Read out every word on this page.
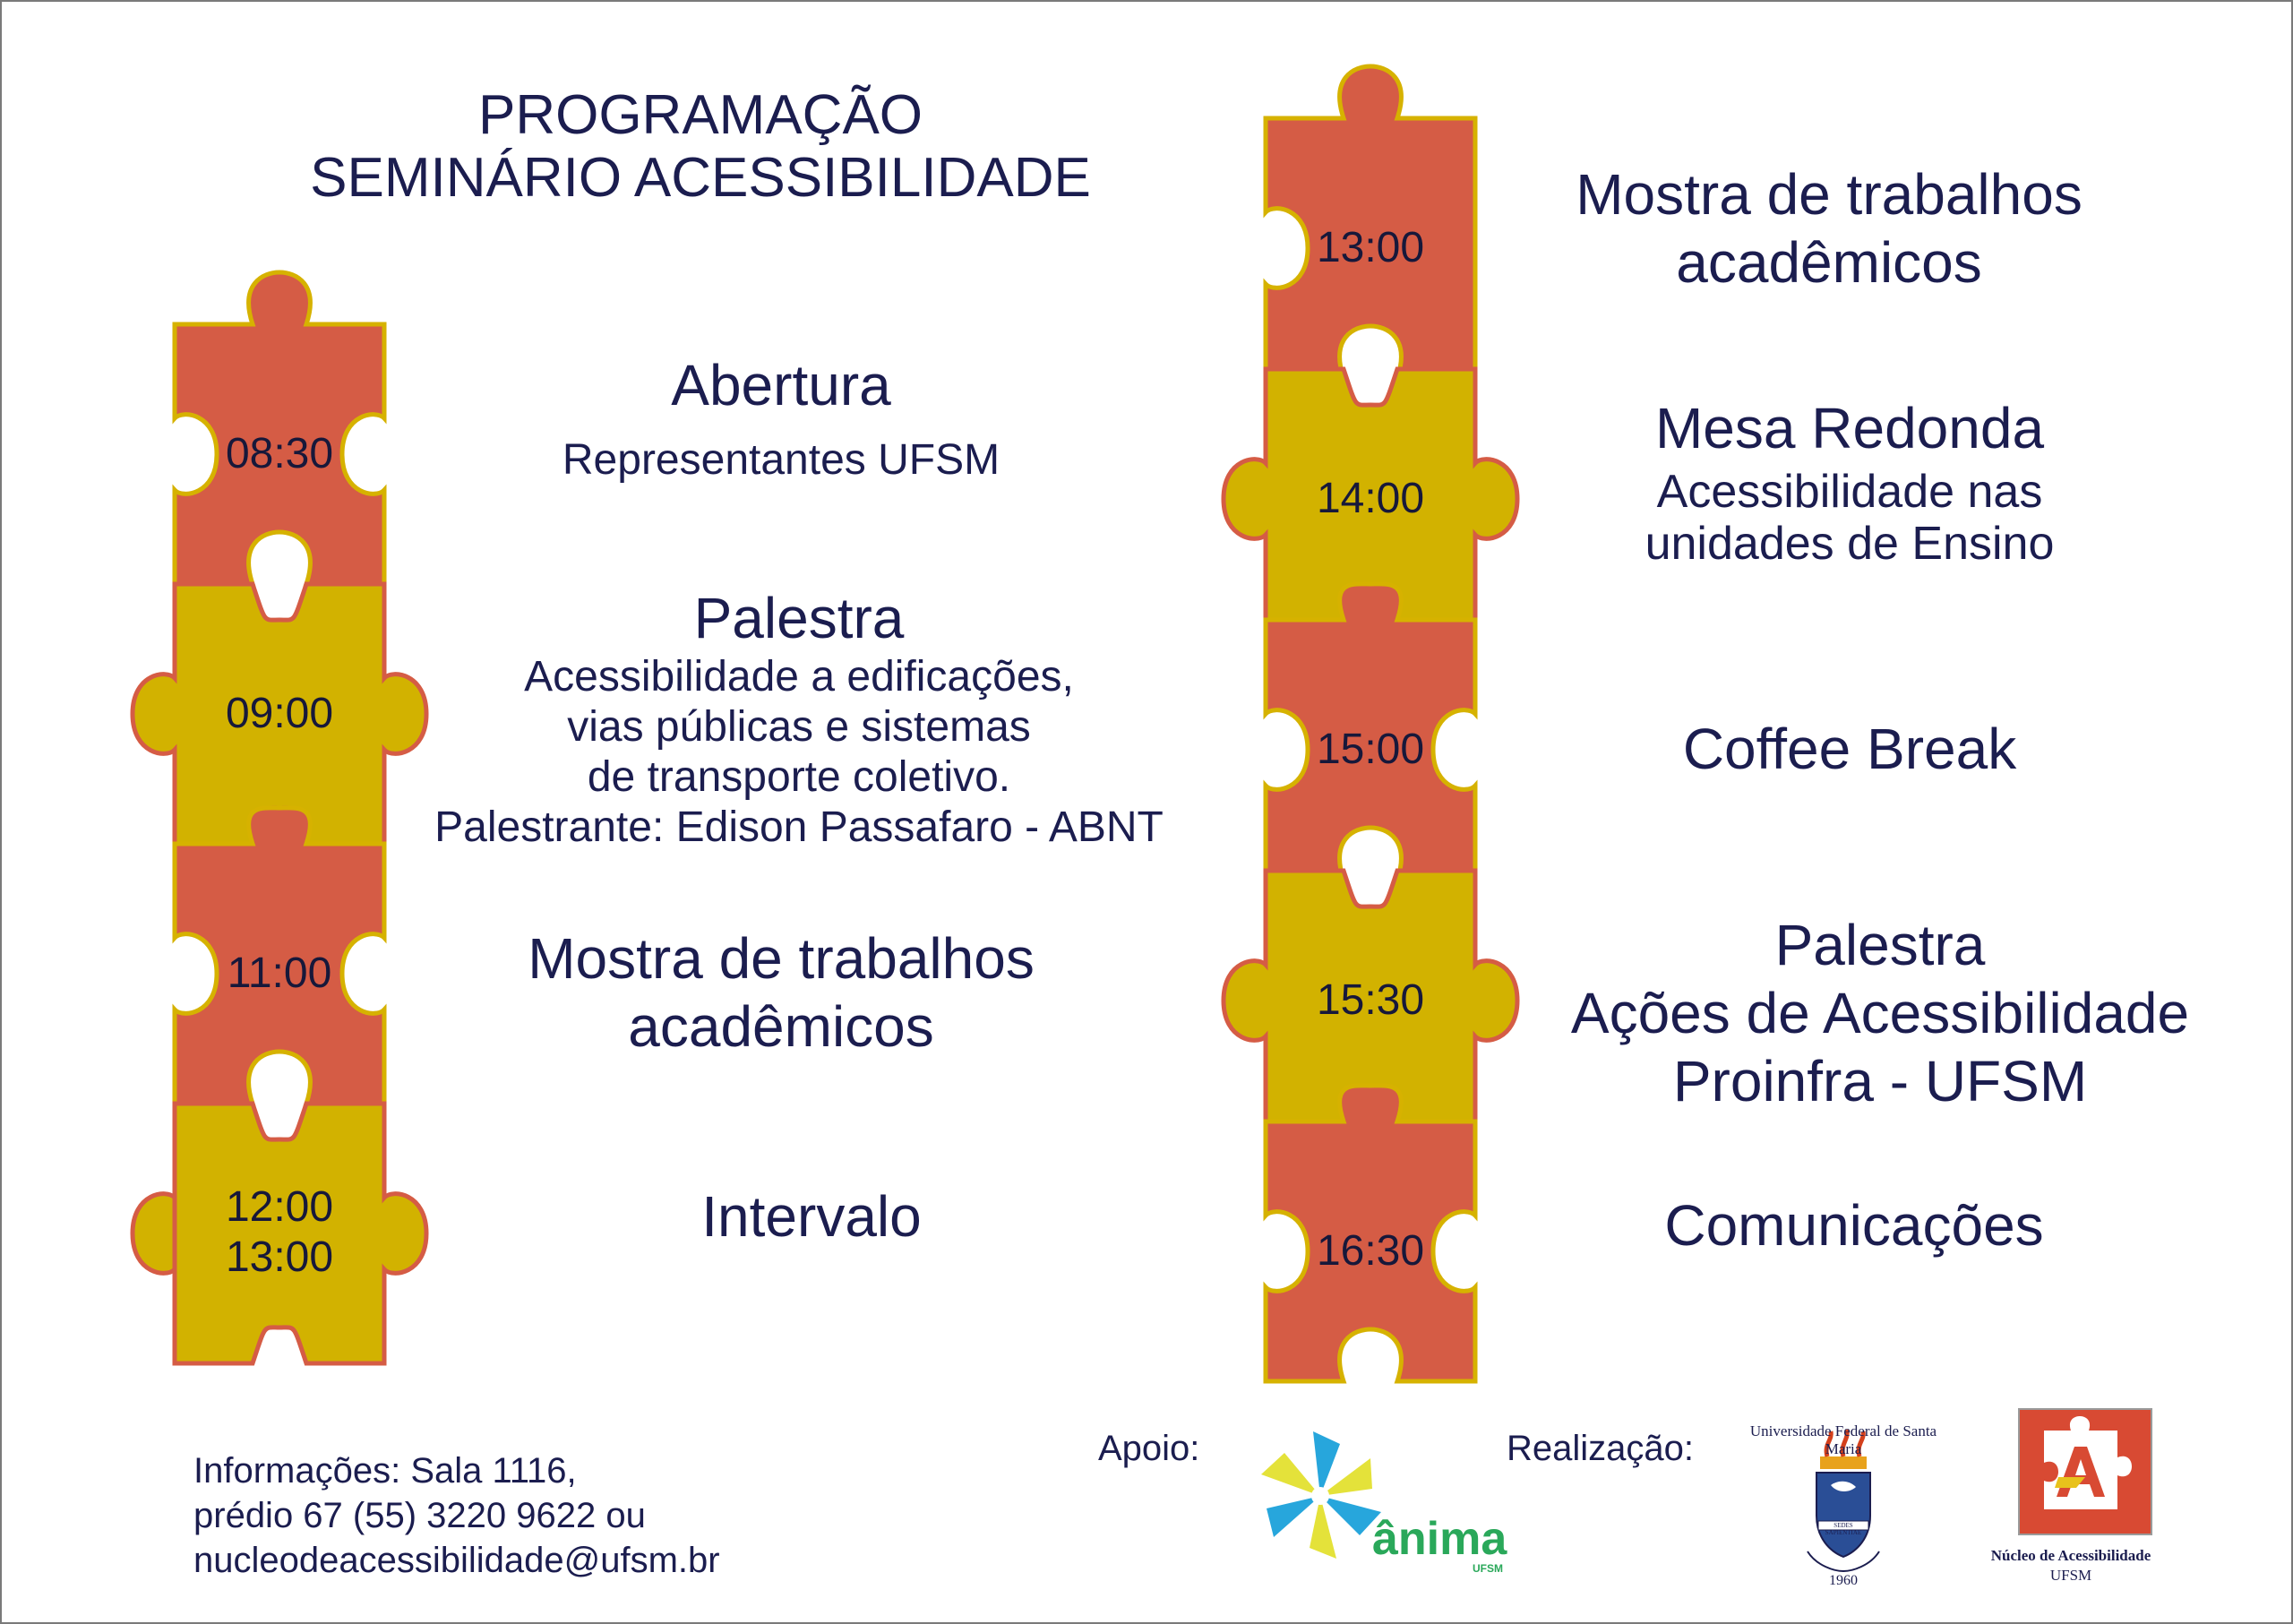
PROGRAMAÇÃO
SEMINÁRIO ACESSIBILIDADE
08:30
09:00
11:00
12:00
13:00
13:00
14:00
15:00
15:30
16:30
Abertura
Representantes UFSM
Palestra
Acessibilidade a edificações,
vias públicas e sistemas
de transporte coletivo.
Palestrante: Edison Passafaro - ABNT
Mostra de trabalhos
acadêmicos
Intervalo
Mostra de trabalhos
acadêmicos
Mesa Redonda
Acessibilidade nas
unidades de Ensino
Coffee Break
Palestra
Ações de Acessibilidade
Proinfra - UFSM
Comunicações
Informações: Sala 1116,
prédio 67 (55) 3220 9622 ou
nucleodeacessibilidade@ufsm.br
Apoio:	Realização:
ânima
UFSM
Universidade Federal de Santa Maria
SEDES SAPIENTIAE
1960
Núcleo de Acessibilidade
UFSM
